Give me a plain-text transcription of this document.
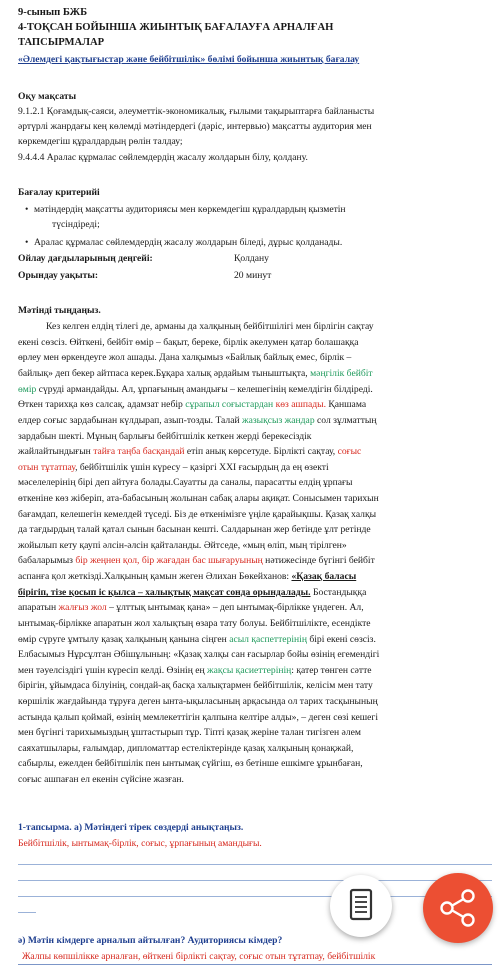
9-сынып БЖБ
4-ТОҚСАН БОЙЫНША ЖИЫНТЫҚ БАҒАЛАУҒА АРНАЛҒАН
ТАПСЫРМАЛАР
«Әлемдегі қақтығыстар және бейбітшілік» бөлімі бойынша жиынтық бағалау
Оқу мақсаты
9.1.2.1 Қоғамдық-саяси, әлеуметтік-экономикалық, ғылыми тақырыптарға байланысты
әртүрлі жанрдағы кең көлемді мәтіндердегі (дәріс, интервью) мақсатты аудитория мен
көркемдегіш құралдардың рөлін талдау;
9.4.4.4 Аралас құрмалас сөйлемдердің жасалу жолдарын білу, қолдану.
Бағалау критерийі
• мәтіндердің мақсатты аудиториясы мен көркемдегіш құралдардың қызметін
түсіндіреді;
• Аралас құрмалас сөйлемдердің жасалу жолдарын біледі, дұрыс қолданады.
Ойлау дағдыларының деңгейі:	Қолдану
Орындау уақыты:	20 минут
Мәтінді тыңдаңыз.
Кез келген елдің тілегі де, арманы да халқының бейбітшілігі мен бірлігін сақтау
екені сөзсіз. Өйткені, бейбіт өмір – бақыт, береке, бірлік әкелумен қатар болашаққа
өрлеу мен өркендеуге жол ашады. Дана халқымыз «Байлық байлық емес, бірлік –
байлық» деп бекер айтпаса керек.Бұқара халық әрдайым тыныштықта, мәңгілік бейбіт
өмір сүруді армандайды. Ал, ұрпағының амандығы – келешегінің кемелдігін білдіреді.
Өткен тарихқа көз салсақ, адамзат небір сұрапыл соғыстардан көз ашпады. Қаншама
елдер соғыс зардабынан күлдырап, азып-тозды. Талай жазықсыз жандар сол зұлматтың
зардабын шекті. Мұның барлығы бейбітшілік кеткен жерді берекесіздік
жайлайтындығын тайға таңба басқандай етіп анық көрсетуде. Бірлікті сақтау, соғыс
отын тұтатпау, бейбітшілік үшін күресу – қазіргі XXI ғасырдың да ең өзекті
мәселелерінің бірі деп айтуға болады.Сауатты да саналы, парасатты елдің ұрпағы
өткеніне көз жіберіп, ата-бабасының жолынан сабақ алары ақиқат. Сонысымен тарихын
бағамдап, келешегін кемелдей түседі. Біз де өткенімізге үңіле қарайықшы. Қазақ халқы
да тағдырдың талай қатал сынын басынан кешті. Салдарынан жер бетінде ұлт ретінде
жойылып кету қаупі әлсін-әлсін қайталанды. Әйтседе, «мың өліп, мың тірілген»
бабаларымыз бір жеңнен қол, бір жағадан бас шығаруының нәтижесінде бүгінгі бейбіт
аспанға қол жеткізді.Халқының қамын жеген Әлихан Бөкейханов: «Қазақ баласы
бірігіп, тізе қосып іс қылса – халықтық мақсат сонда орындалады. Бостандыққа
апаратын жалғыз жол – ұлттық ынтымақ қана» – деп ынтымақ-бірлікке үндеген. Ал,
ынтымақ-бірлікке апаратын жол халықтың өзара тату болуы. Бейбітшілікте, есендікте
өмір сүруге ұмтылу қазақ халқының қанына сіңген асыл қаспеттерінің бірі екені сөзсіз.
Елбасымыз Нұрсұлтан Әбішұлының: «Қазақ халқы сан ғасырлар бойы өзінің егемендігі
мен тәуелсіздігі үшін күресіп келді. Өзінің ең жақсы қасиеттерінің: қатер төнген сәтте
бірігін, ұйымдаса білуінің, сондай-ақ басқа халықтармен бейбітшілік, келісім мен тату
көршілік жағдайында тұруға деген ынта-ықыласының арқасында ол тарих тасқынының
астында қалып қоймай, өзінің мемлекеттігін қалпына келтіре алды», – деген сөзі кешегі
мен бүгінгі тарихымыздың ұштастырып тұр. Тіпті қазақ жеріне талан тигізген әлем
саяхатшылары, ғалымдар, дипломаттар естеліктерінде қазақ халқының қонақжай,
сабырлы, ежелден бейбітшілік пен ынтымақ сүйгіш, өз бетінше ешкімге ұрынбаған,
соғыс ашпаған ел екенін сүйсіне жазған.
1-тапсырма. а) Мәтіндегі тірек сөздерді анықтаңыз.
Бейбітшілік, ынтымақ-бірлік, соғыс, ұрпағының амандығы.
ә) Мәтін кімдерге арналып айтылған? Аудиториясы кімдер?
Жалпы көпшілікке арналған, өйткені бірлікті сақтау, соғыс отын тұтатпау, бейбітшілік
